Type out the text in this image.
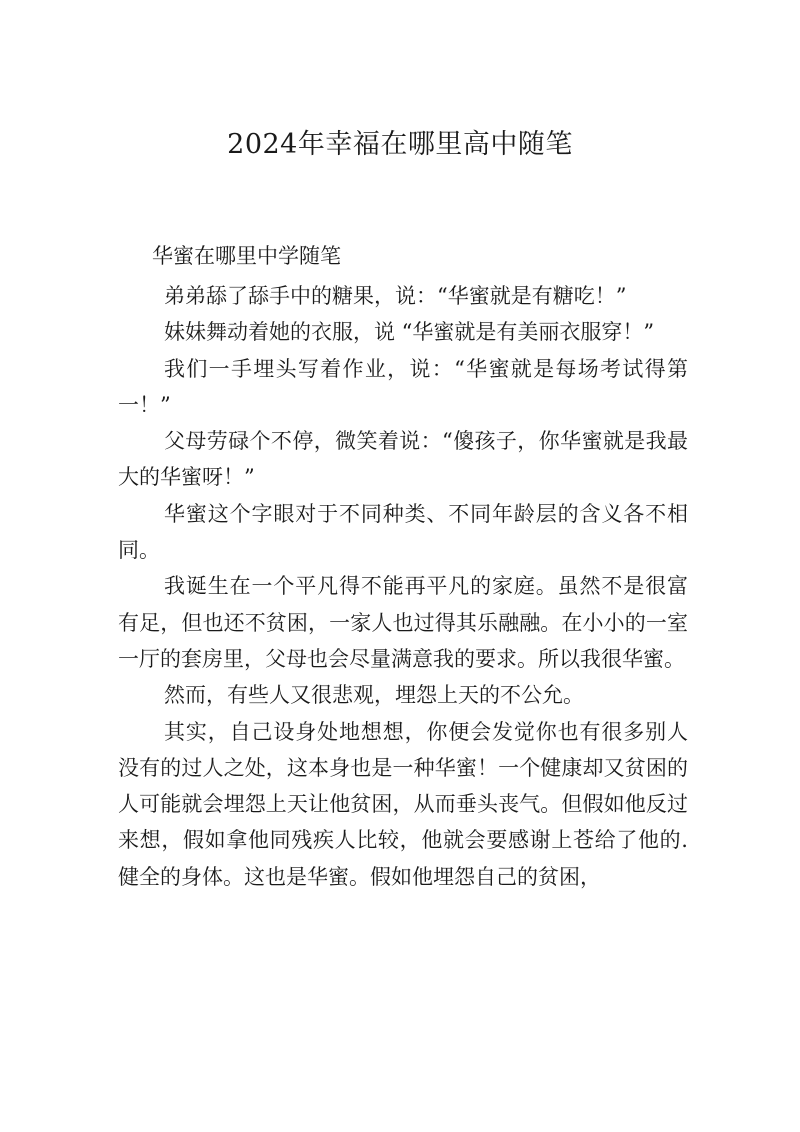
2024年幸福在哪里高中随笔
华蜜在哪里中学随笔

弟弟舔了舔手中的糖果，说：“华蜜就是有糖吃！”

妹妹舞动着她的衣服，说 “华蜜就是有美丽衣服穿！”

我们一手埋头写着作业，说：“华蜜就是每场考试得第一！”

父母劳碌个不停，微笑着说：“傻孩子，你华蜜就是我最大的华蜜呀！”

华蜜这个字眼对于不同种类、不同年龄层的含义各不相同。

我诞生在一个平凡得不能再平凡的家庭。虽然不是很富有足，但也还不贫困，一家人也过得其乐融融。在小小的一室一厅的套房里，父母也会尽量满意我的要求。所以我很华蜜。

然而，有些人又很悲观，埋怨上天的不公允。

其实，自己设身处地想想，你便会发觉你也有很多别人没有的过人之处，这本身也是一种华蜜！一个健康却又贫困的人可能就会埋怨上天让他贫困，从而垂头丧气。但假如他反过来想，假如拿他同残疾人比较，他就会要感谢上苍给了他的.健全的身体。这也是华蜜。假如他埋怨自己的贫困，
